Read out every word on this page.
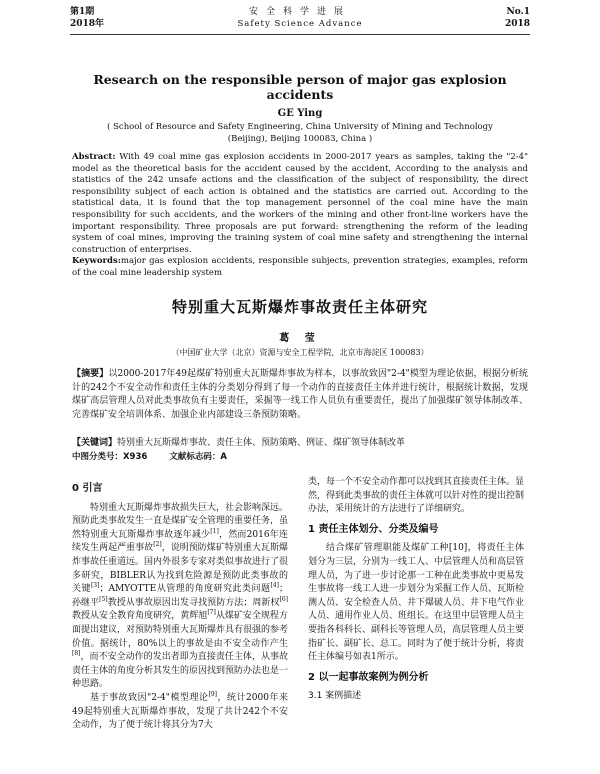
第1期
2018年
安全科学进展
Safety Science Advance
No.1
2018
Research on the responsible person of major gas explosion accidents
GE Ying
( School of Resource and Safety Engineering, China University of Mining and Technology (Beijing), Beijing 100083, China )
Abstract: With 49 coal mine gas explosion accidents in 2000-2017 years as samples, taking the "2-4" model as the theoretical basis for the accident caused by the accident, According to the analysis and statistics of the 242 unsafe actions and the classification of the subject of responsibility, the direct responsibility subject of each action is obtained and the statistics are carried out. According to the statistical data, it is found that the top management personnel of the coal mine have the main responsibility for such accidents, and the workers of the mining and other front-line workers have the important responsibility. Three proposals are put forward: strengthening the reform of the leading system of coal mines, improving the training system of coal mine safety and strengthening the internal construction of enterprises.
Keywords:major gas explosion accidents, responsible subjects, prevention strategies, examples, reform of the coal mine leadership system
特别重大瓦斯爆炸事故责任主体研究
葛 莹
（中国矿业大学（北京）资源与安全工程学院，北京市海淀区 100083）
【摘要】以2000-2017年49起煤矿特别重大瓦斯爆炸事故为样本，以事故致因"2-4"模型为理论依据，根据分析统计的242个不安全动作和责任主体的分类划分得到了每一个动作的直接责任主体并进行统计，根据统计数据，发现煤矿高层管理人员对此类事故负有主要责任，采掘等一线工作人员负有重要责任，提出了加强煤矿领导体制改革、完善煤矿安全培训体系、加强企业内部建设三条预防策略。
【关键词】特别重大瓦斯爆炸事故、责任主体、预防策略、例证、煤矿领导体制改革
中图分类号：X936	文献标志码：A
0 引言

特别重大瓦斯爆炸事故损失巨大，社会影响深远。预防此类事故发生一直是煤矿安全管理的重要任务，虽然特别重大瓦斯爆炸事故逐年减少[1]，然而2016年连续发生两起严重事故[2]，说明预防煤矿特别重大瓦斯爆炸事故任重道远。国内外很多专家对类似事故进行了很多研究，BIBLER认为找到危险源是预防此类事故的关键[3]；AMYOTTE从管理的角度研究此类问题[4]；孙继平[5]教授从事故原因出发寻找预防方法；周新权[6]教授从安全教育角度研究，黄辉旭[7]从煤矿安全规程方面提出建议，对预防特别重大瓦斯爆炸具有很强的参考价值。据统计，80%以上的事故是由不安全动作产生[8]，而不安全动作的发出者即为直接责任主体，从事故责任主体的角度分析其发生的原因找到预防办法也是一种思路。

基于事故致因"2-4"模型理论[9]，统计2000年来49起特别重大瓦斯爆炸事故，发现了共计242个不安全动作，为了便于统计将其分为7大

类，每一个不安全动作都可以找到其直接责任主体。显然，得到此类事故的责任主体就可以针对性的提出控制办法，采用统计的方法进行了详细研究。

1 责任主体划分、分类及编号

结合煤矿管理职能及煤矿工种[10]，将责任主体划分为三层，分别为一线工人、中层管理人员和高层管理人员，为了进一步讨论那一工种在此类事故中更易发生事故将一线工人进一步划分为采掘工作人员、瓦斯检测人员、安全检查人员、井下爆破人员、井下电气作业人员、通用作业人员、班组长。在这里中层管理人员主要指各科科长、副科长等管理人员，高层管理人员主要指矿长、副矿长、总工。同时为了便于统计分析，将责任主体编号如表1所示。

2 以一起事故案例为例分析
3.1 案例描述
